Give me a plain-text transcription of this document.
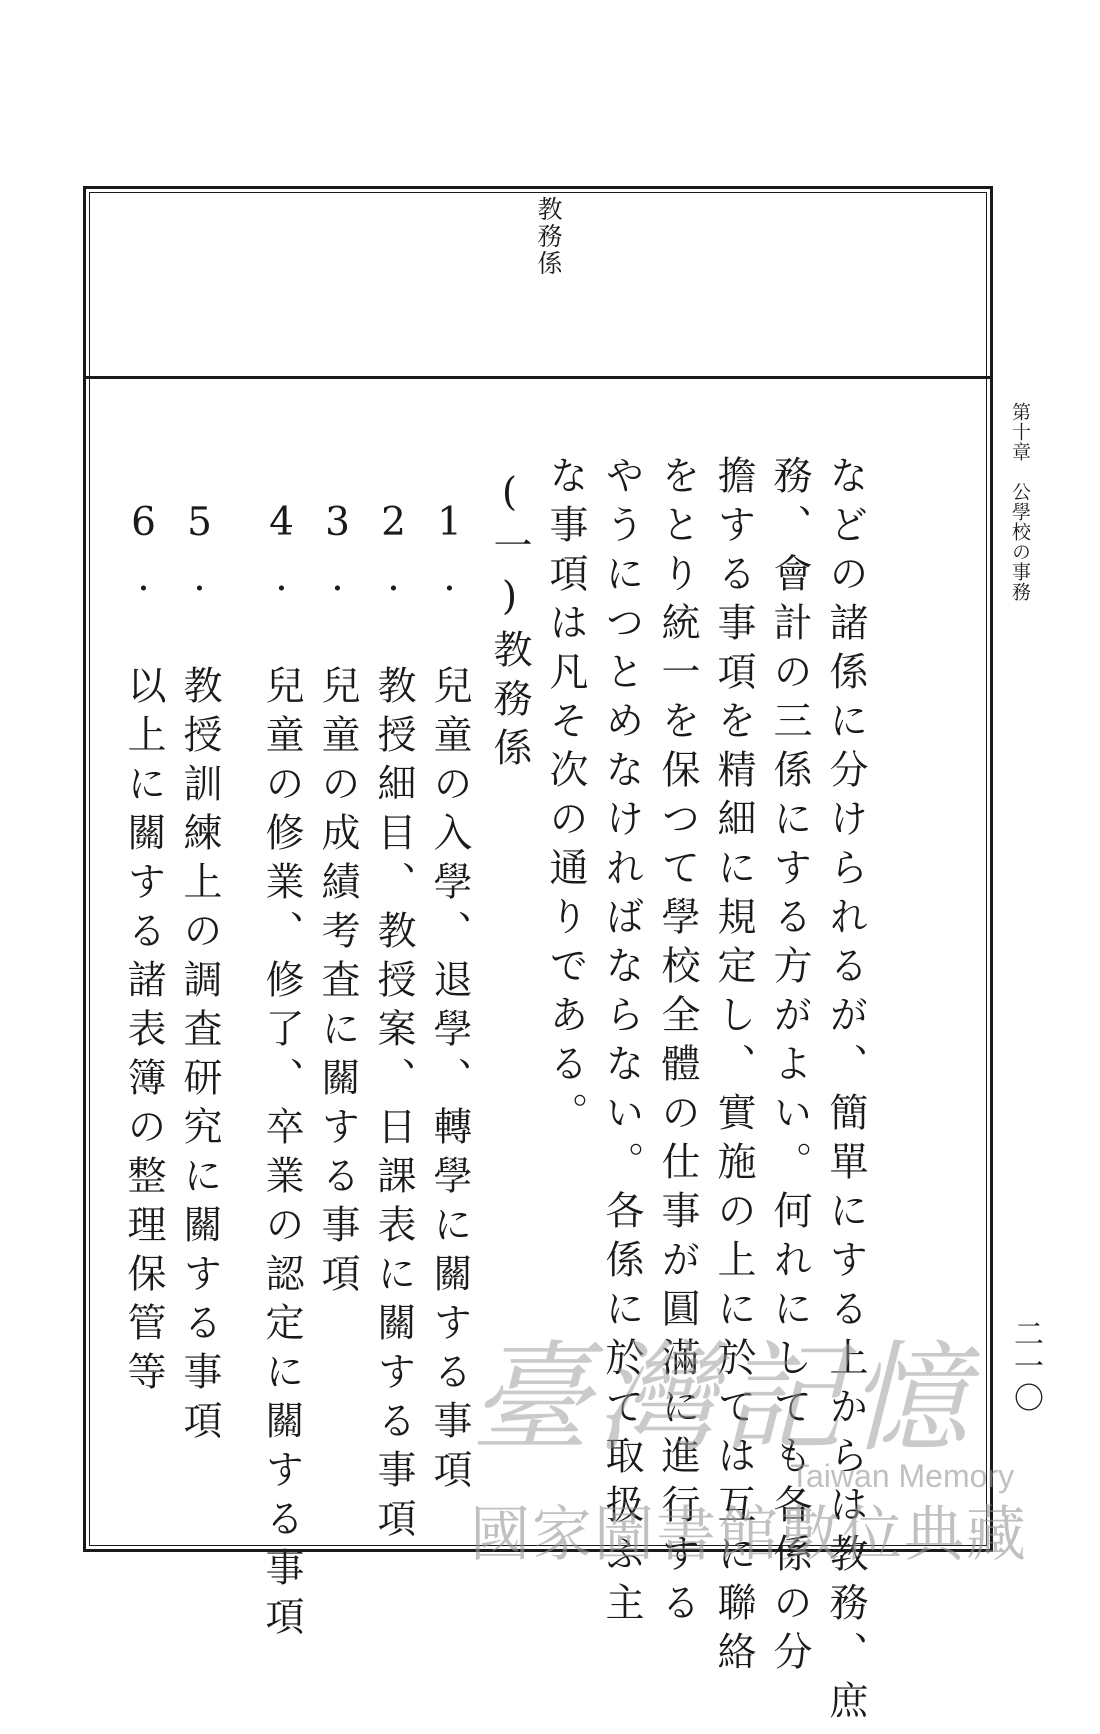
教務係
第十章　公學校の事務
二一〇
などの諸係に分けられるが、簡單にする上からは教務、庶
務、會計の三係にする方がよい。何れにしても各係の分
擔する事項を精細に規定し、實施の上に於ては互に聯絡
をとり統一を保つて學校全體の仕事が圓滿に進行する
やうにつとめなければならない。各係に於て取扱ふ主
な事項は凡そ次の通りである。
(一)教務係
1. 兒童の入學、退學、轉學に關する事項
2. 教授細目、教授案、日課表に關する事項
3. 兒童の成績考査に關する事項
4. 兒童の修業、修了、卒業の認定に關する事項
5. 教授訓練上の調査研究に關する事項
6. 以上に關する諸表簿の整理保管等	臺灣記憶
Taiwan Memory
國家圖書館數位典藏
